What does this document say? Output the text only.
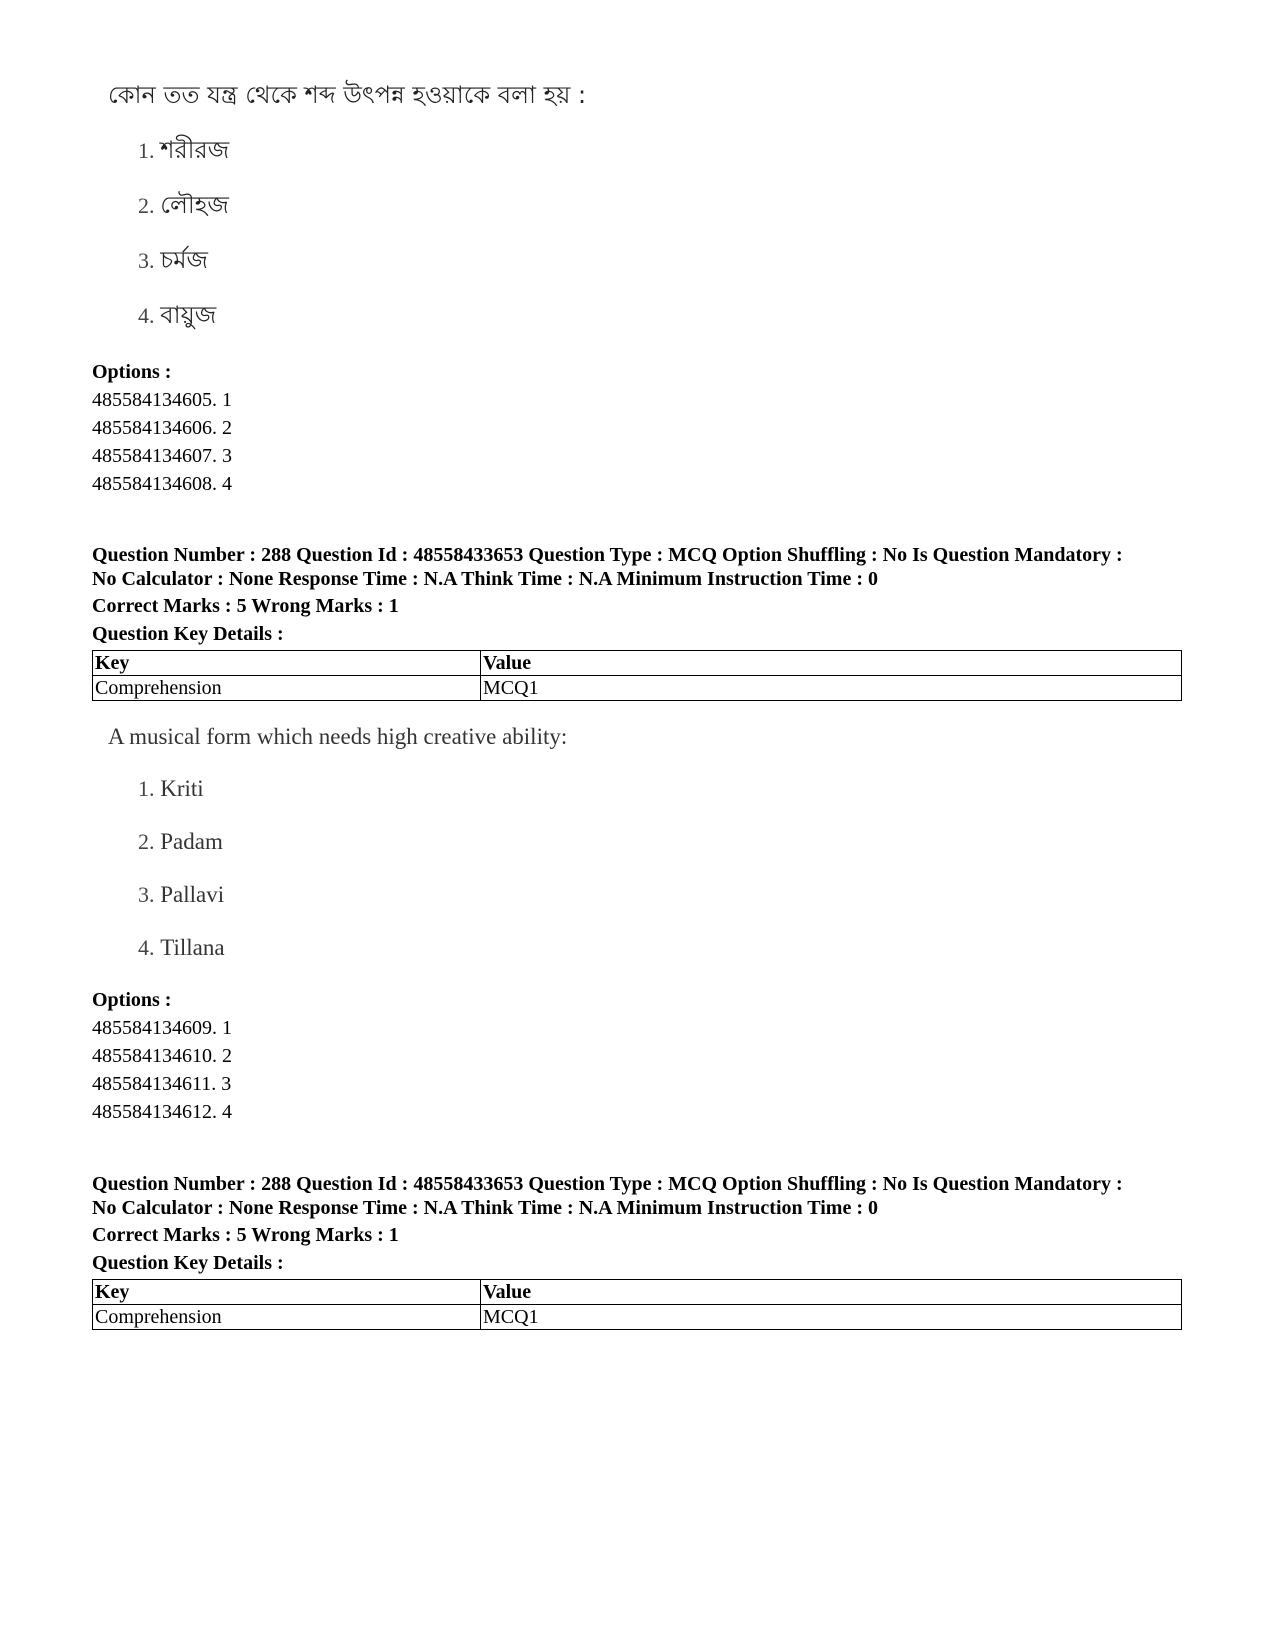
কোন তত যন্ত্র থেকে শব্দ উৎপন্ন হওয়াকে বলা হয় :
1. শরীরজ
2. লৌহজ
3. চর্মজ
4. বায়ুজ
Options :
485584134605. 1
485584134606. 2
485584134607. 3
485584134608. 4
Question Number : 288 Question Id : 48558433653 Question Type : MCQ Option Shuffling : No Is Question Mandatory :
No Calculator : None Response Time : N.A Think Time : N.A Minimum Instruction Time : 0
Correct Marks : 5 Wrong Marks : 1
Question Key Details :
Key	Value
Comprehension	MCQ1
A musical form which needs high creative ability:
1. Kriti
2. Padam
3. Pallavi
4. Tillana
Options :
485584134609. 1
485584134610. 2
485584134611. 3
485584134612. 4
Question Number : 288 Question Id : 48558433653 Question Type : MCQ Option Shuffling : No Is Question Mandatory :
No Calculator : None Response Time : N.A Think Time : N.A Minimum Instruction Time : 0
Correct Marks : 5 Wrong Marks : 1
Question Key Details :
Key	Value
Comprehension	MCQ1
